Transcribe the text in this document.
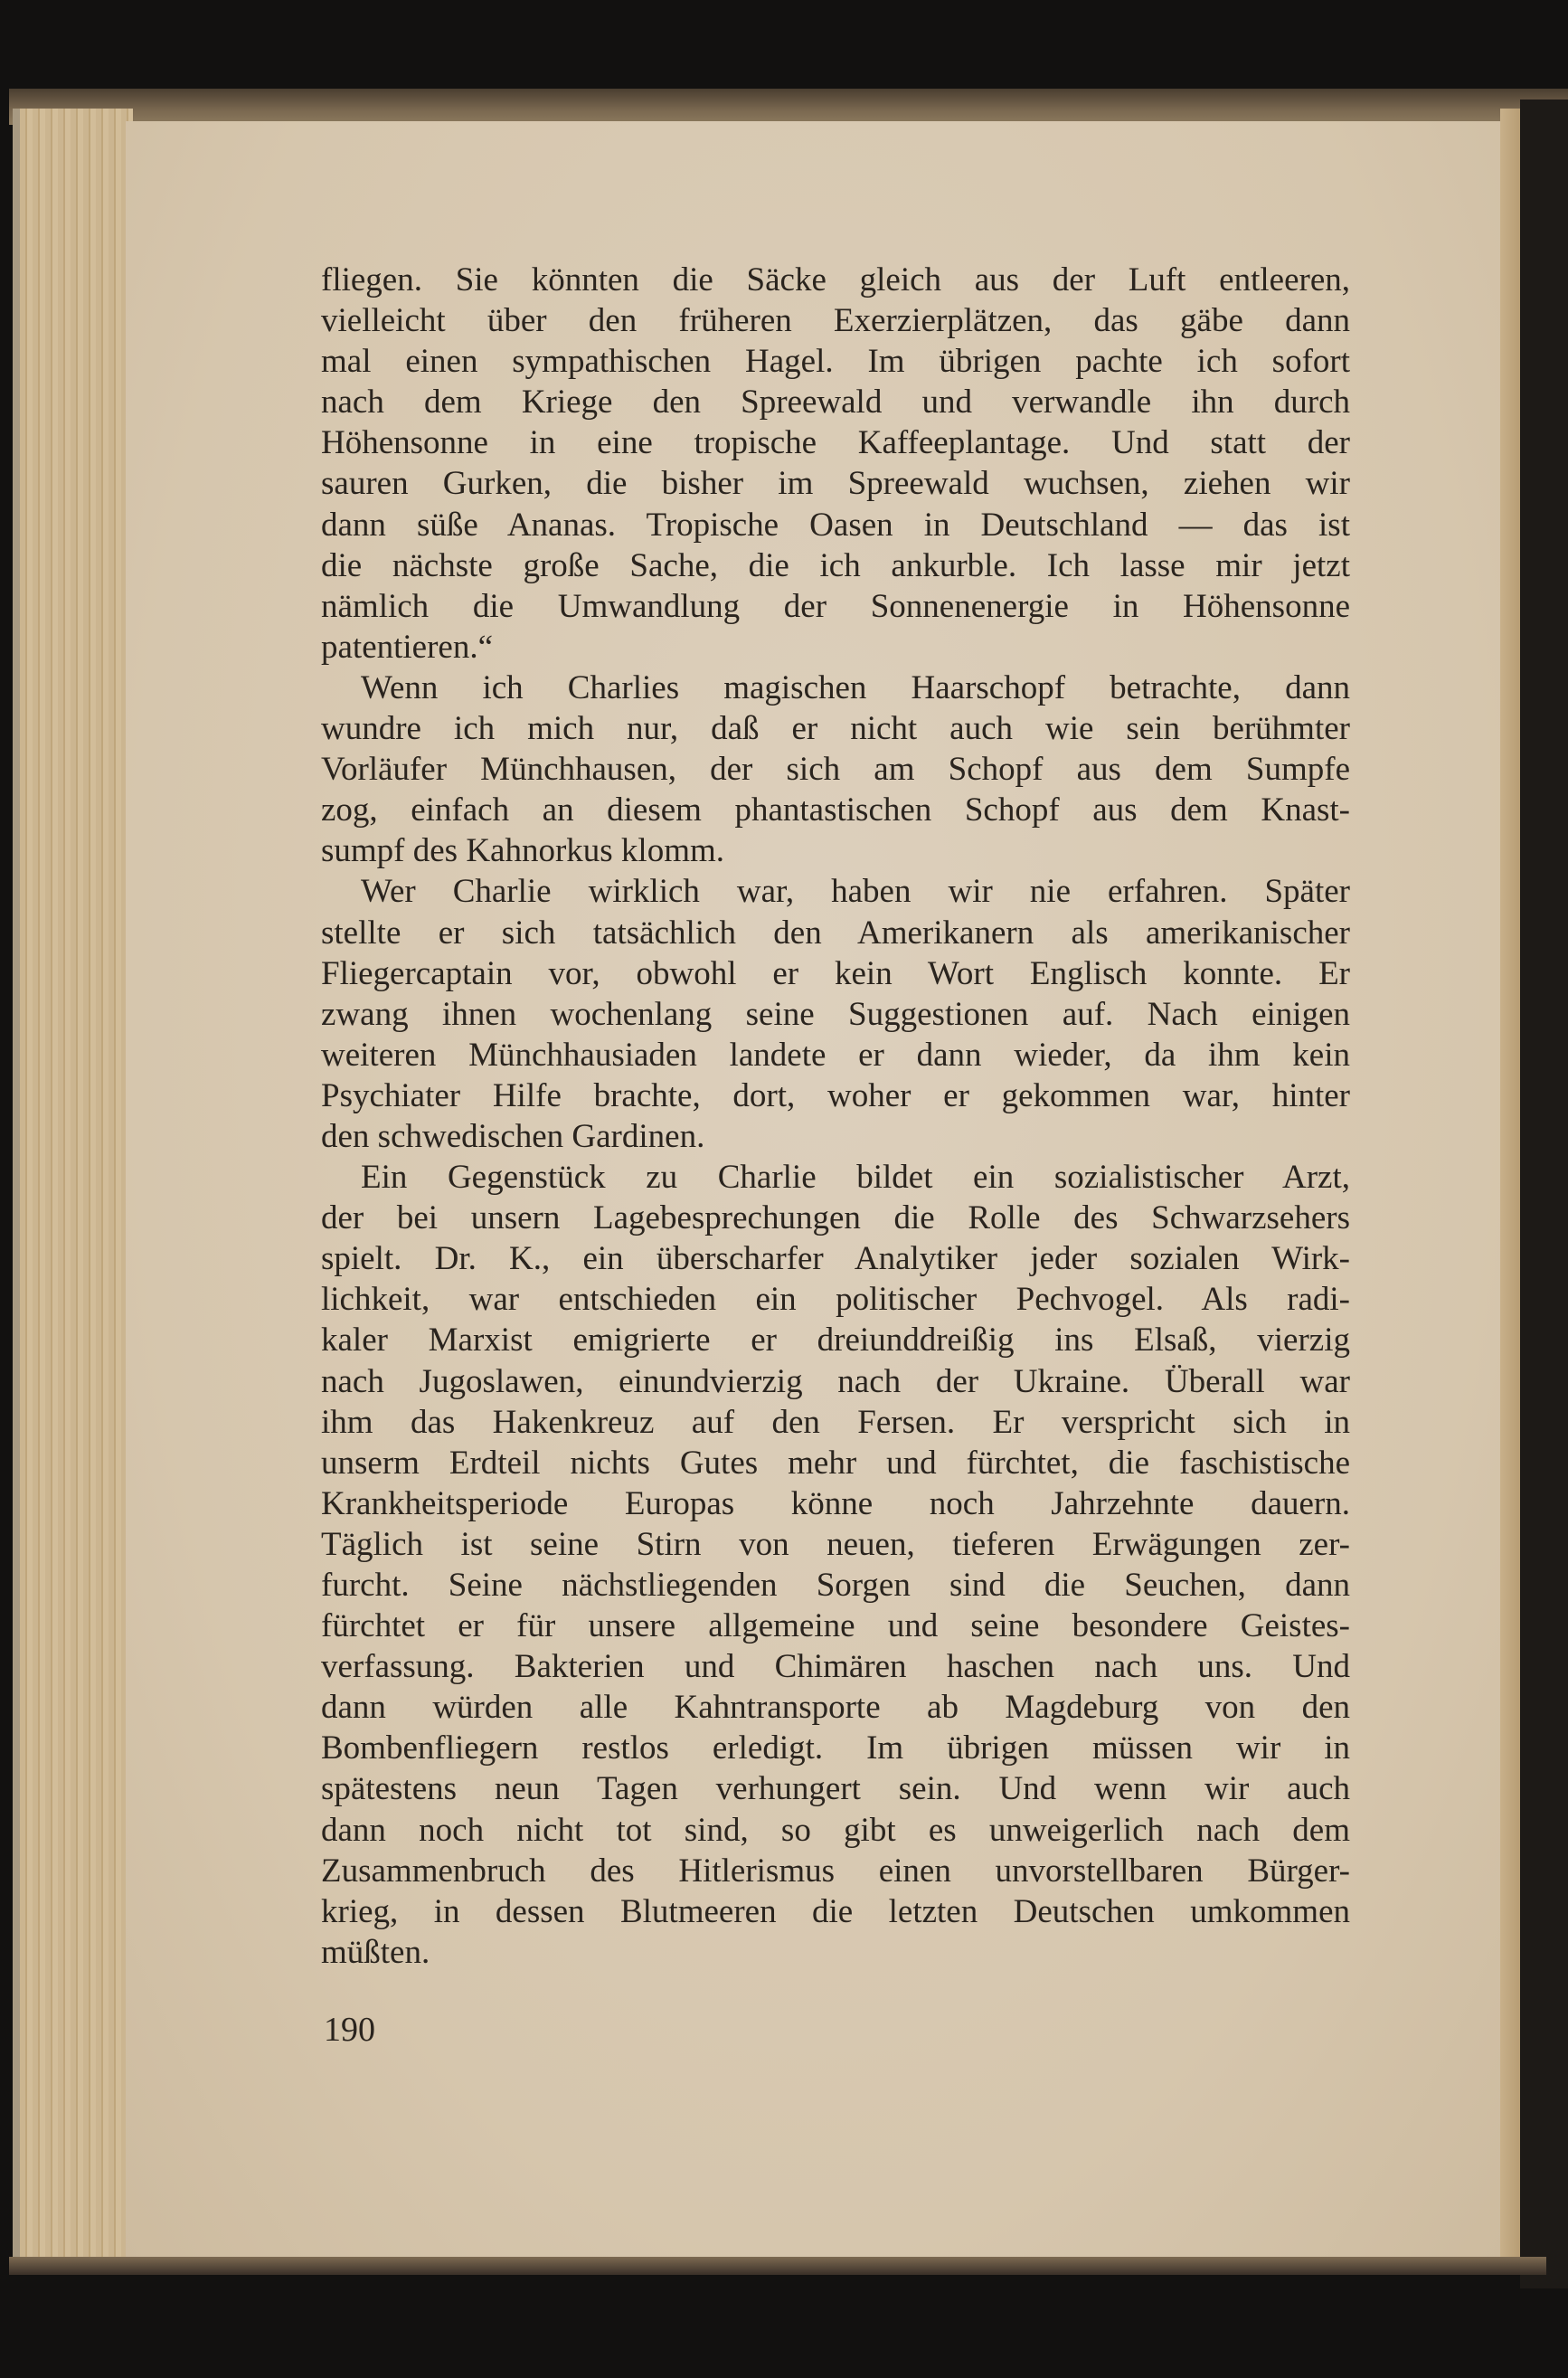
fliegen. Sie könnten die Säcke gleich aus der Luft entleeren,
vielleicht über den früheren Exerzierplätzen, das gäbe dann
mal einen sympathischen Hagel. Im übrigen pachte ich sofort
nach dem Kriege den Spreewald und verwandle ihn durch
Höhensonne in eine tropische Kaffeeplantage. Und statt der
sauren Gurken, die bisher im Spreewald wuchsen, ziehen wir
dann süße Ananas. Tropische Oasen in Deutschland — das ist
die nächste große Sache, die ich ankurble. Ich lasse mir jetzt
nämlich die Umwandlung der Sonnenenergie in Höhensonne
patentieren.“
Wenn ich Charlies magischen Haarschopf betrachte, dann
wundre ich mich nur, daß er nicht auch wie sein berühmter
Vorläufer Münchhausen, der sich am Schopf aus dem Sumpfe
zog, einfach an diesem phantastischen Schopf aus dem Knast-
sumpf des Kahnorkus klomm.
Wer Charlie wirklich war, haben wir nie erfahren. Später
stellte er sich tatsächlich den Amerikanern als amerikanischer
Fliegercaptain vor, obwohl er kein Wort Englisch konnte. Er
zwang ihnen wochenlang seine Suggestionen auf. Nach einigen
weiteren Münchhausiaden landete er dann wieder, da ihm kein
Psychiater Hilfe brachte, dort, woher er gekommen war, hinter
den schwedischen Gardinen.
Ein Gegenstück zu Charlie bildet ein sozialistischer Arzt,
der bei unsern Lagebesprechungen die Rolle des Schwarzsehers
spielt. Dr. K., ein überscharfer Analytiker jeder sozialen Wirk-
lichkeit, war entschieden ein politischer Pechvogel. Als radi-
kaler Marxist emigrierte er dreiunddreißig ins Elsaß, vierzig
nach Jugoslawen, einundvierzig nach der Ukraine. Überall war
ihm das Hakenkreuz auf den Fersen. Er verspricht sich in
unserm Erdteil nichts Gutes mehr und fürchtet, die faschistische
Krankheitsperiode Europas könne noch Jahrzehnte dauern.
Täglich ist seine Stirn von neuen, tieferen Erwägungen zer-
furcht. Seine nächstliegenden Sorgen sind die Seuchen, dann
fürchtet er für unsere allgemeine und seine besondere Geistes-
verfassung. Bakterien und Chimären haschen nach uns. Und
dann würden alle Kahntransporte ab Magdeburg von den
Bombenfliegern restlos erledigt. Im übrigen müssen wir in
spätestens neun Tagen verhungert sein. Und wenn wir auch
dann noch nicht tot sind, so gibt es unweigerlich nach dem
Zusammenbruch des Hitlerismus einen unvorstellbaren Bürger-
krieg, in dessen Blutmeeren die letzten Deutschen umkommen
müßten.
190
